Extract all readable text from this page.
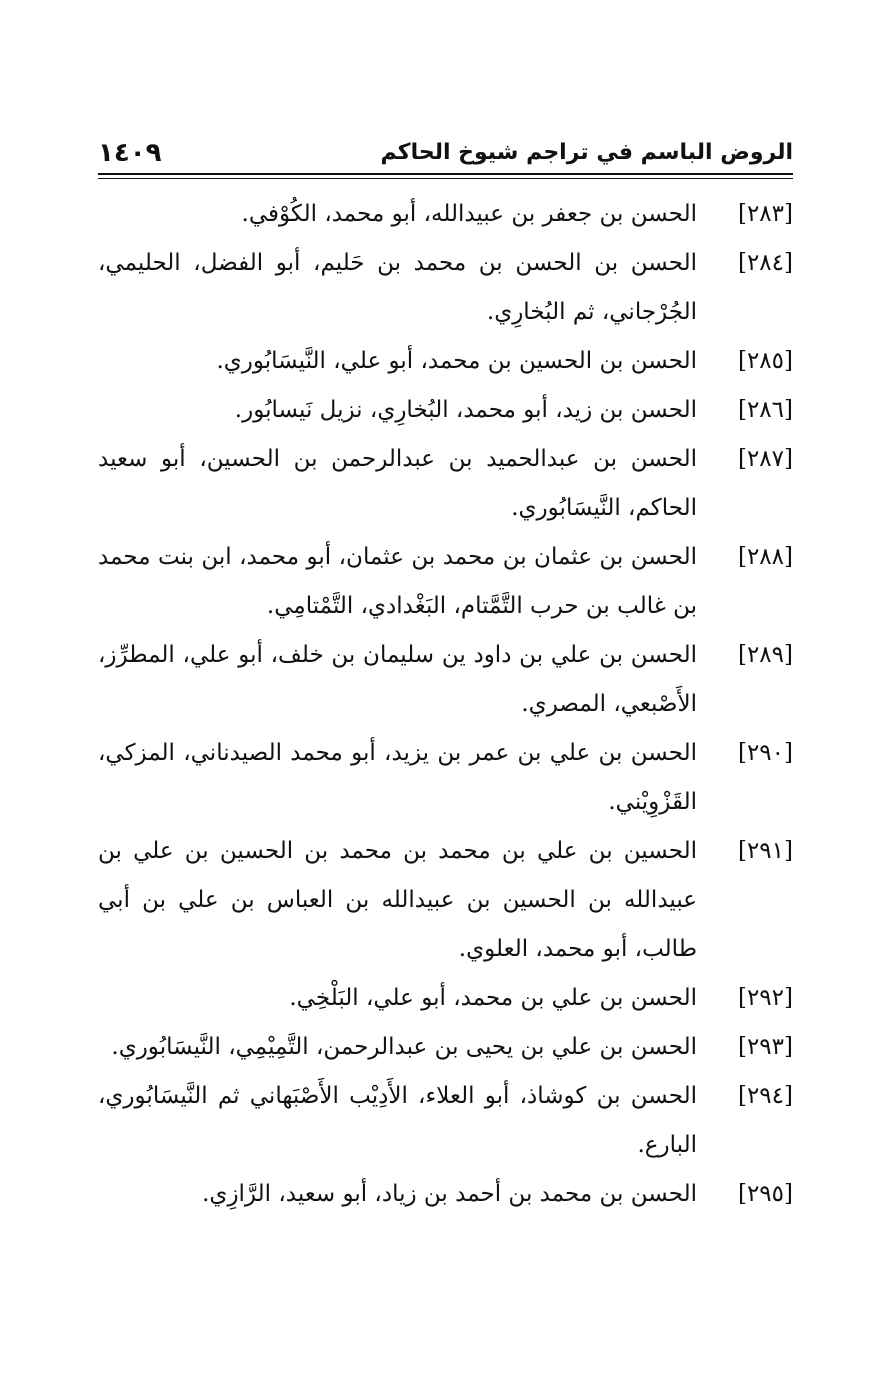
الروض الباسم في تراجم شيوخ الحاكم
١٤٠٩
[٢٨٣]
الحسن بن جعفر بن عبيدالله، أبو محمد، الكُوْفي.
[٢٨٤]
الحسن بن الحسن بن محمد بن حَليم، أبو الفضل، الحليمي، الجُرْجاني، ثم البُخارِي.
[٢٨٥]
الحسن بن الحسين بن محمد، أبو علي، النَّيسَابُوري.
[٢٨٦]
الحسن بن زيد، أبو محمد، البُخارِي، نزيل نَيسابُور.
[٢٨٧]
الحسن بن عبدالحميد بن عبدالرحمن بن الحسين، أبو سعيد الحاكم، النَّيسَابُوري.
[٢٨٨]
الحسن بن عثمان بن محمد بن عثمان، أبو محمد، ابن بنت محمد بن غالب بن حرب التَّمَّتام، البَغْدادي، التَّمْتامِي.
[٢٨٩]
الحسن بن علي بن داود ين سليمان بن خلف، أبو علي، المطرِّز، الأَصْبعي، المصري.
[٢٩٠]
الحسن بن علي بن عمر بن يزيد، أبو محمد الصيدناني، المزكي، القَزْوِيْني.
[٢٩١]
الحسين بن علي بن محمد بن محمد بن الحسين بن علي بن عبيدالله بن الحسين بن عبيدالله بن العباس بن علي بن أبي طالب، أبو محمد، العلوي.
[٢٩٢]
الحسن بن علي بن محمد، أبو علي، البَلْخِي.
[٢٩٣]
الحسن بن علي بن يحيى بن عبدالرحمن، التَّمِيْمِي، النَّيسَابُوري.
[٢٩٤]
الحسن بن كوشاذ، أبو العلاء، الأَدِيْب الأَصْبَهاني ثم النَّيسَابُوري، البارع.
[٢٩٥]
الحسن بن محمد بن أحمد بن زياد، أبو سعيد، الرَّازِي.
